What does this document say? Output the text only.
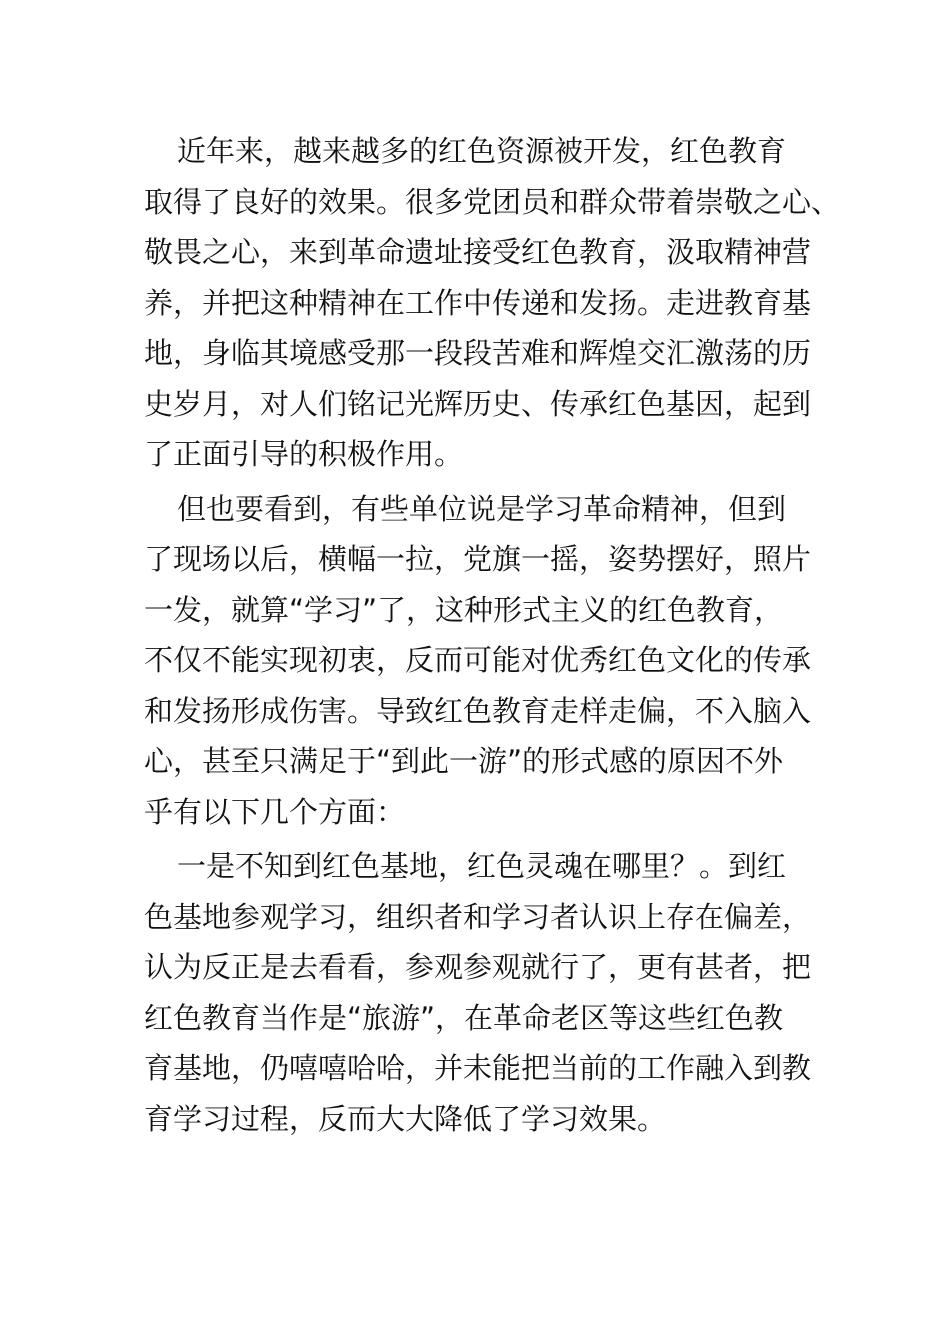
近年来，越来越多的红色资源被开发，红色教育
取得了良好的效果。很多党团员和群众带着崇敬之心、
敬畏之心，来到革命遗址接受红色教育，汲取精神营
养，并把这种精神在工作中传递和发扬。走进教育基
地，身临其境感受那一段段苦难和辉煌交汇激荡的历
史岁月，对人们铭记光辉历史、传承红色基因，起到
了正面引导的积极作用。
但也要看到，有些单位说是学习革命精神，但到
了现场以后，横幅一拉，党旗一摇，姿势摆好，照片
一发，就算“学习”了，这种形式主义的红色教育，
不仅不能实现初衷，反而可能对优秀红色文化的传承
和发扬形成伤害。导致红色教育走样走偏，不入脑入
心，甚至只满足于“到此一游”的形式感的原因不外
乎有以下几个方面：
一是不知到红色基地，红色灵魂在哪里？。到红
色基地参观学习，组织者和学习者认识上存在偏差，
认为反正是去看看，参观参观就行了，更有甚者，把
红色教育当作是“旅游”，在革命老区等这些红色教
育基地，仍嘻嘻哈哈，并未能把当前的工作融入到教
育学习过程，反而大大降低了学习效果。
